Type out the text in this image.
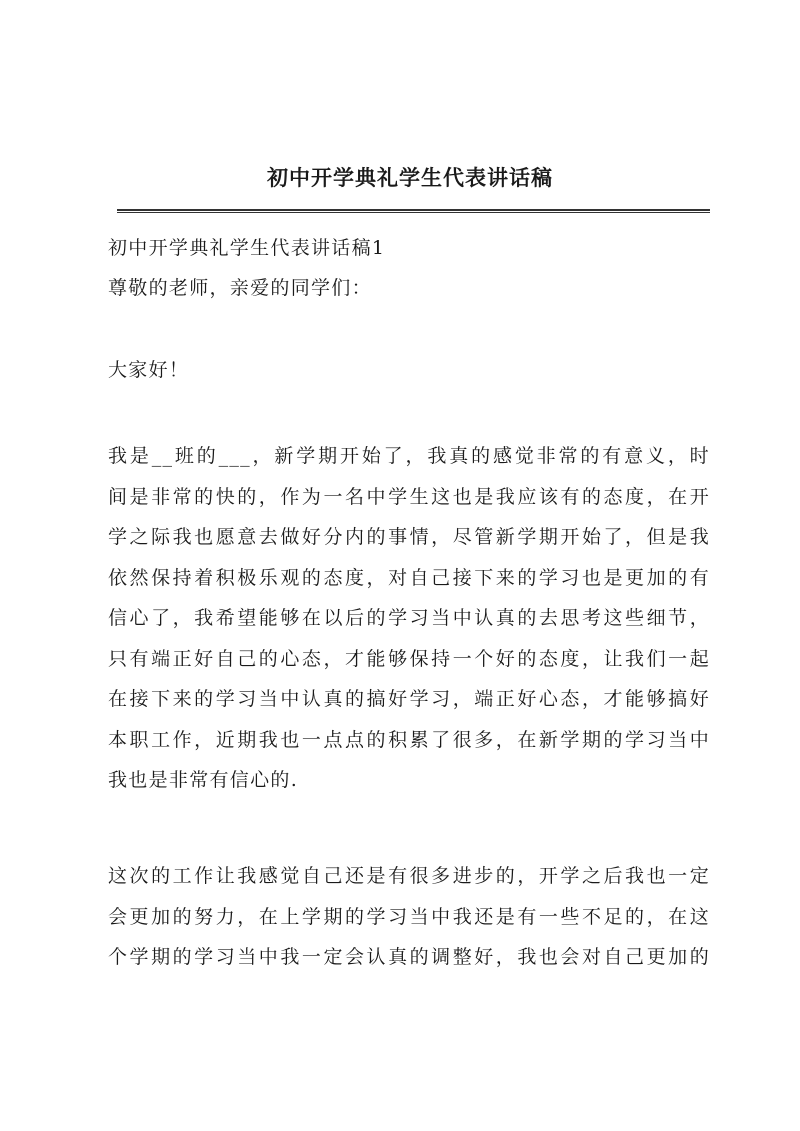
初中开学典礼学生代表讲话稿
初中开学典礼学生代表讲话稿1
尊敬的老师，亲爱的同学们：
大家好！
我是__班的___，新学期开始了，我真的感觉非常的有意义，时
间是非常的快的，作为一名中学生这也是我应该有的态度，在开
学之际我也愿意去做好分内的事情，尽管新学期开始了，但是我
依然保持着积极乐观的态度，对自己接下来的学习也是更加的有
信心了，我希望能够在以后的学习当中认真的去思考这些细节，
只有端正好自己的心态，才能够保持一个好的态度，让我们一起
在接下来的学习当中认真的搞好学习，端正好心态，才能够搞好
本职工作，近期我也一点点的积累了很多，在新学期的学习当中
我也是非常有信心的.
这次的工作让我感觉自己还是有很多进步的，开学之后我也一定
会更加的努力，在上学期的学习当中我还是有一些不足的，在这
个学期的学习当中我一定会认真的调整好，我也会对自己更加的
